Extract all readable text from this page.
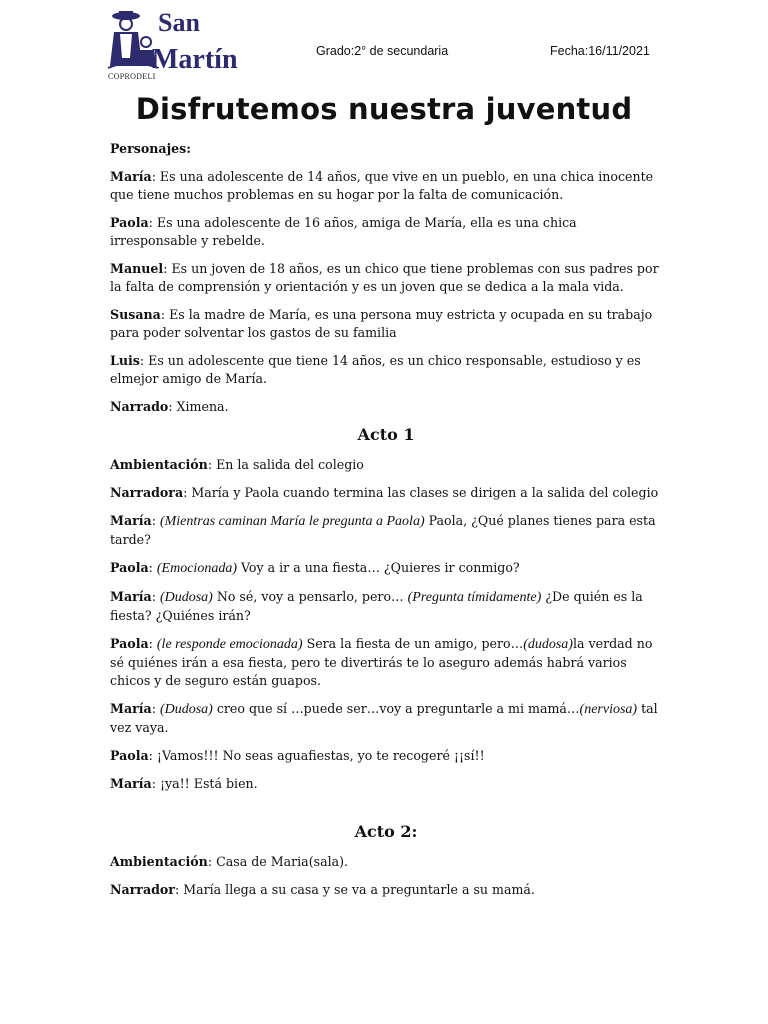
San
Martín
COPRODELI
Grado:2° de secundaria	Fecha:16/11/2021
Disfrutemos nuestra juventud

Personajes:

María: Es una adolescente de 14 años, que vive en un pueblo, en una chica inocente que tiene muchos problemas en su hogar por la falta de comunicación.

Paola: Es una adolescente de 16 años, amiga de María, ella es una chica irresponsable y rebelde.

Manuel: Es un joven de 18 años, es un chico que tiene problemas con sus padres por la falta de comprensión y orientación y es un joven que se dedica a la mala vida.

Susana: Es la madre de María, es una persona muy estricta y ocupada en su trabajo para poder solventar los gastos de su familia

Luis: Es un adolescente que tiene 14 años, es un chico responsable, estudioso y es elmejor amigo de María.

Narrado: Ximena.

Acto 1

Ambientación: En la salida del colegio

Narradora: María y Paola cuando termina las clases se dirigen a la salida del colegio

María: (Mientras caminan María le pregunta a Paola) Paola, ¿Qué planes tienes para esta tarde?

Paola: (Emocionada) Voy a ir a una fiesta… ¿Quieres ir conmigo?

María: (Dudosa) No sé, voy a pensarlo, pero… (Pregunta tímidamente) ¿De quién es la fiesta? ¿Quiénes irán?

Paola: (le responde emocionada) Sera la fiesta de un amigo, pero…(dudosa)la verdad no sé quiénes irán a esa fiesta, pero te divertirás te lo aseguro además habrá varios chicos y de seguro están guapos.

María: (Dudosa) creo que sí …puede ser…voy a preguntarle a mi mamá…(nerviosa) tal vez vaya.

Paola: ¡Vamos!!! No seas aguafiestas, yo te recogeré ¡¡sí!!

María: ¡ya!! Está bien.

Acto 2:

Ambientación: Casa de Maria(sala).

Narrador: María llega a su casa y se va a preguntarle a su mamá.
